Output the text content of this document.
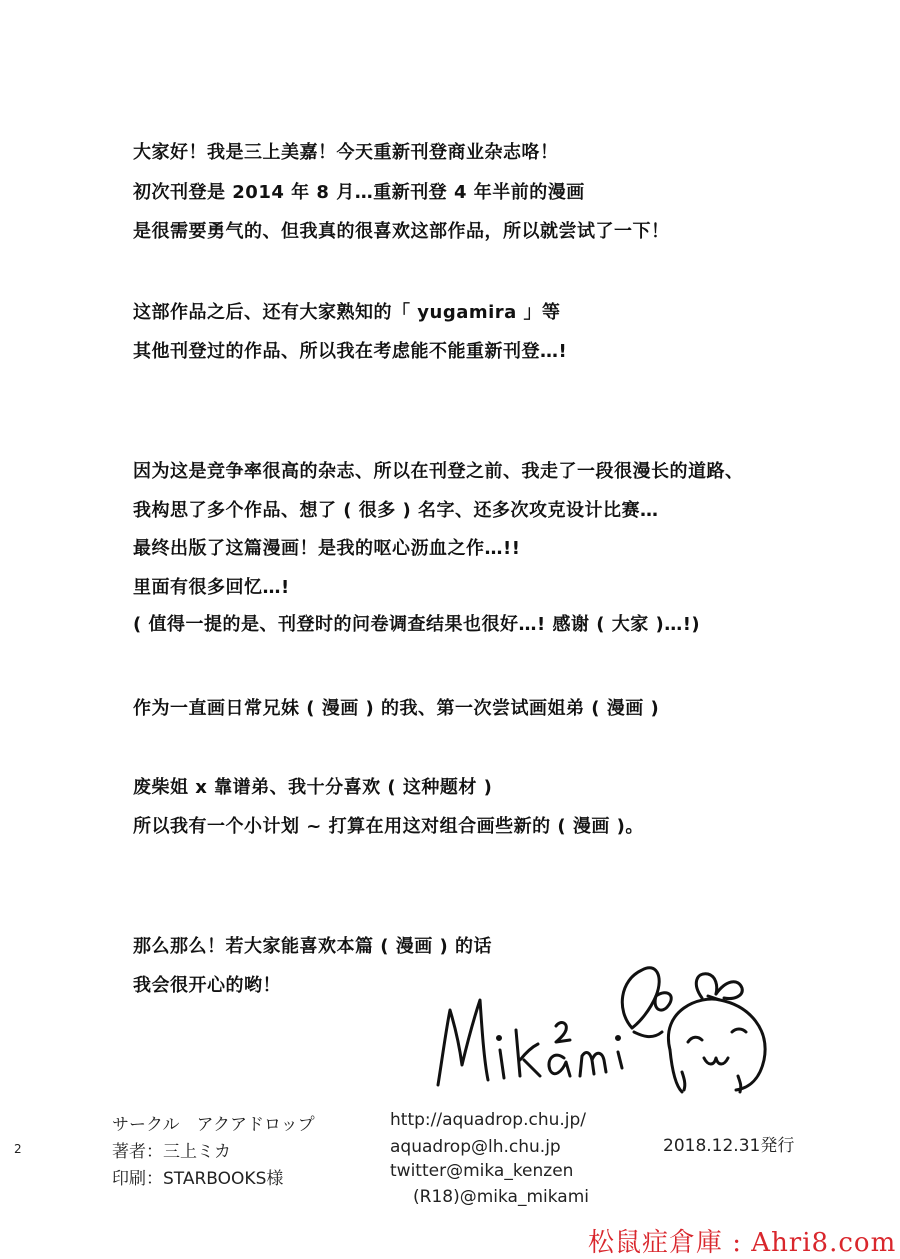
大家好！我是三上美嘉！今天重新刊登商业杂志咯！
初次刊登是 2014 年 8 月…重新刊登 4 年半前的漫画
是很需要勇气的、但我真的很喜欢这部作品，所以就尝试了一下！
这部作品之后、还有大家熟知的「 yugamira 」等
其他刊登过的作品、所以我在考虑能不能重新刊登…!
因为这是竞争率很高的杂志、所以在刊登之前、我走了一段很漫长的道路、
我构思了多个作品、想了 ( 很多 ) 名字、还多次攻克设计比赛…
最终出版了这篇漫画！是我的呕心沥血之作…!!
里面有很多回忆…!
( 值得一提的是、刊登时的问卷调查结果也很好…! 感谢 ( 大家 )…!)
作为一直画日常兄妹 ( 漫画 ) 的我、第一次尝试画姐弟 ( 漫画 )
废柴姐 x 靠谱弟、我十分喜欢 ( 这种题材 )
所以我有一个小计划 ~ 打算在用这对组合画些新的 ( 漫画 )。
那么那么！若大家能喜欢本篇 ( 漫画 ) 的话
我会很开心的哟！
サークル　アクアドロップ
著者：三上ミカ
印刷：STARBOOKS様
http://aquadrop.chu.jp/
aquadrop@lh.chu.jp
twitter@mika_kenzen
(R18)@mika_mikami
2018.12.31発行
2
松鼠症倉庫 : Ahri8.com
